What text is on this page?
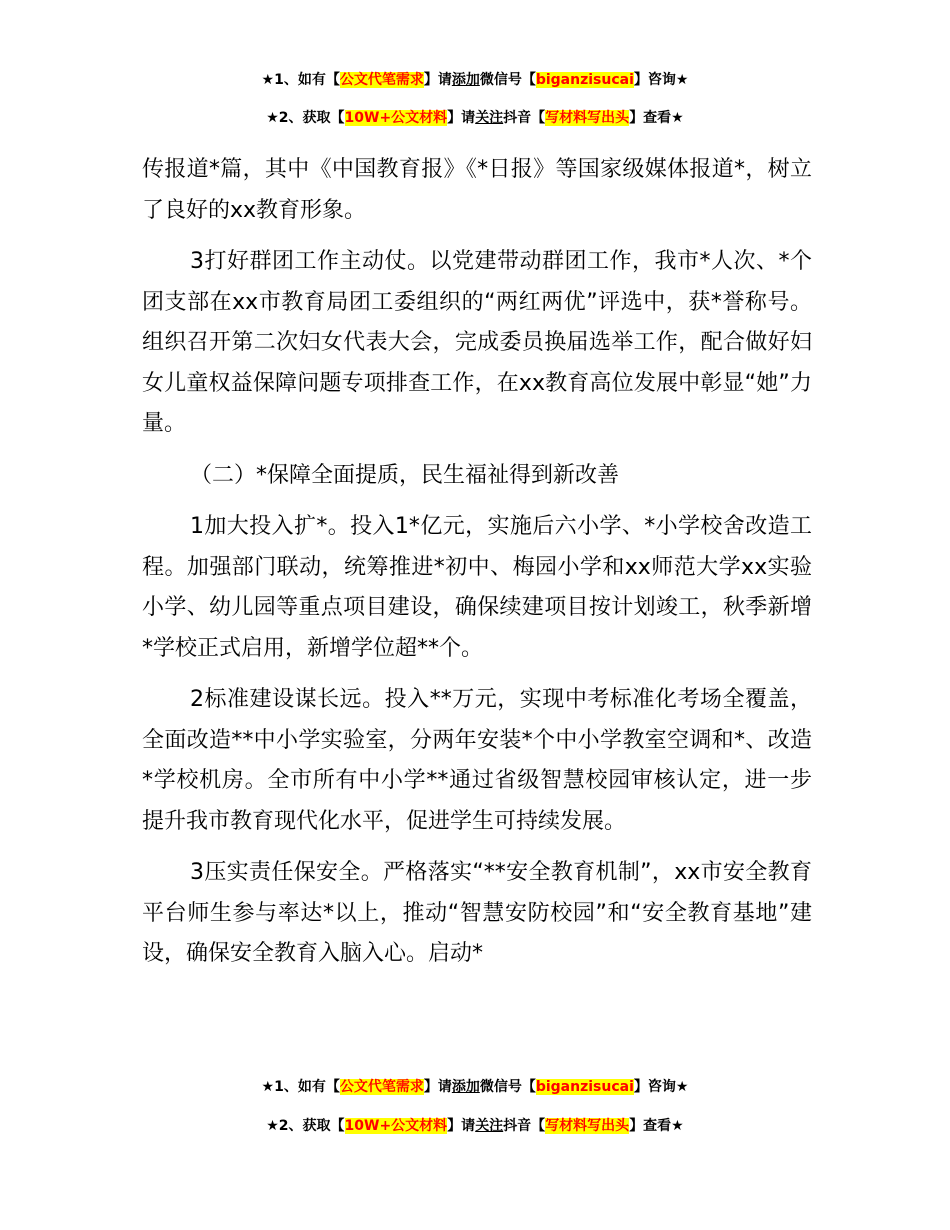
★1、如有【公文代笔需求】请添加微信号【biganzisucai】咨询★
★2、获取【10W+公文材料】请关注抖音【写材料写出头】查看★

传报道*篇，其中《中国教育报》《*日报》等国家级媒体报道*，树立了良好的xx教育形象。

3打好群团工作主动仗。以党建带动群团工作，我市*人次、*个团支部在xx市教育局团工委组织的“两红两优”评选中，获*誉称号。组织召开第二次妇女代表大会，完成委员换届选举工作，配合做好妇女儿童权益保障问题专项排查工作，在xx教育高位发展中彰显“她”力量。

（二）*保障全面提质，民生福祉得到新改善

1加大投入扩*。投入1*亿元，实施后六小学、*小学校舍改造工程。加强部门联动，统筹推进*初中、梅园小学和xx师范大学xx实验小学、幼儿园等重点项目建设，确保续建项目按计划竣工，秋季新增*学校正式启用，新增学位超**个。

2标准建设谋长远。投入**万元，实现中考标准化考场全覆盖，全面改造**中小学实验室，分两年安装*个中小学教室空调和*、改造*学校机房。全市所有中小学**通过省级智慧校园审核认定，进一步提升我市教育现代化水平，促进学生可持续发展。

3压实责任保安全。严格落实“**安全教育机制”，xx市安全教育平台师生参与率达*以上，推动“智慧安防校园”和“安全教育基地”建设，确保安全教育入脑入心。启动*

★1、如有【公文代笔需求】请添加微信号【biganzisucai】咨询★
★2、获取【10W+公文材料】请关注抖音【写材料写出头】查看★
